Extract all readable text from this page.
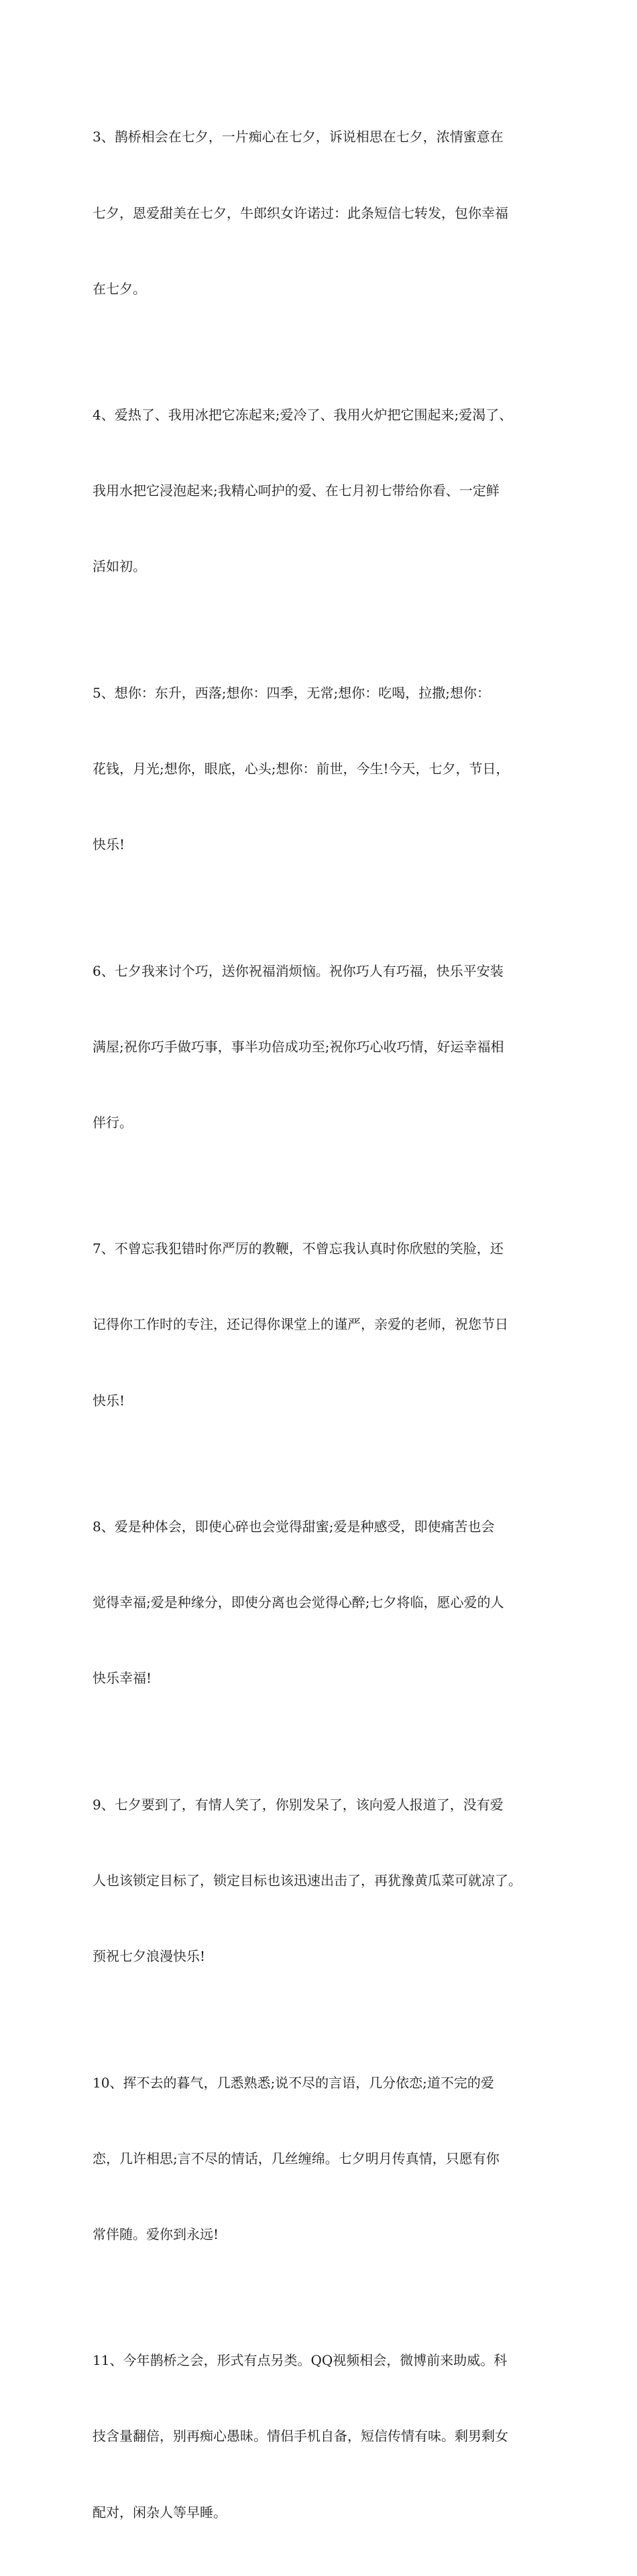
3、鹊桥相会在七夕，一片痴心在七夕，诉说相思在七夕，浓情蜜意在

七夕，恩爱甜美在七夕，牛郎织女许诺过：此条短信七转发，包你幸福

在七夕。

4、爱热了、我用冰把它冻起来;爱冷了、我用火炉把它围起来;爱渴了、

我用水把它浸泡起来;我精心呵护的爱、在七月初七带给你看、一定鲜

活如初。

5、想你：东升，西落;想你：四季，无常;想你：吃喝，拉撒;想你：

花钱，月光;想你，眼底，心头;想你：前世，今生!今天，七夕，节日，

快乐!

6、七夕我来讨个巧，送你祝福消烦恼。祝你巧人有巧福，快乐平安装

满屋;祝你巧手做巧事，事半功倍成功至;祝你巧心收巧情，好运幸福相

伴行。

7、不曾忘我犯错时你严厉的教鞭，不曾忘我认真时你欣慰的笑脸，还

记得你工作时的专注，还记得你课堂上的谨严，亲爱的老师，祝您节日

快乐!

8、爱是种体会，即使心碎也会觉得甜蜜;爱是种感受，即使痛苦也会

觉得幸福;爱是种缘分，即使分离也会觉得心醉;七夕将临，愿心爱的人

快乐幸福!

9、七夕要到了，有情人笑了，你别发呆了，该向爱人报道了，没有爱

人也该锁定目标了，锁定目标也该迅速出击了，再犹豫黄瓜菜可就凉了。

预祝七夕浪漫快乐!

10、挥不去的暮气，几悉熟悉;说不尽的言语，几分依恋;道不完的爱

恋，几许相思;言不尽的情话，几丝缠绵。七夕明月传真情，只愿有你

常伴随。爱你到永远!

11、今年鹊桥之会，形式有点另类。QQ视频相会，微博前来助威。科

技含量翻倍，别再痴心愚昧。情侣手机自备，短信传情有味。剩男剩女

配对，闲杂人等早睡。
